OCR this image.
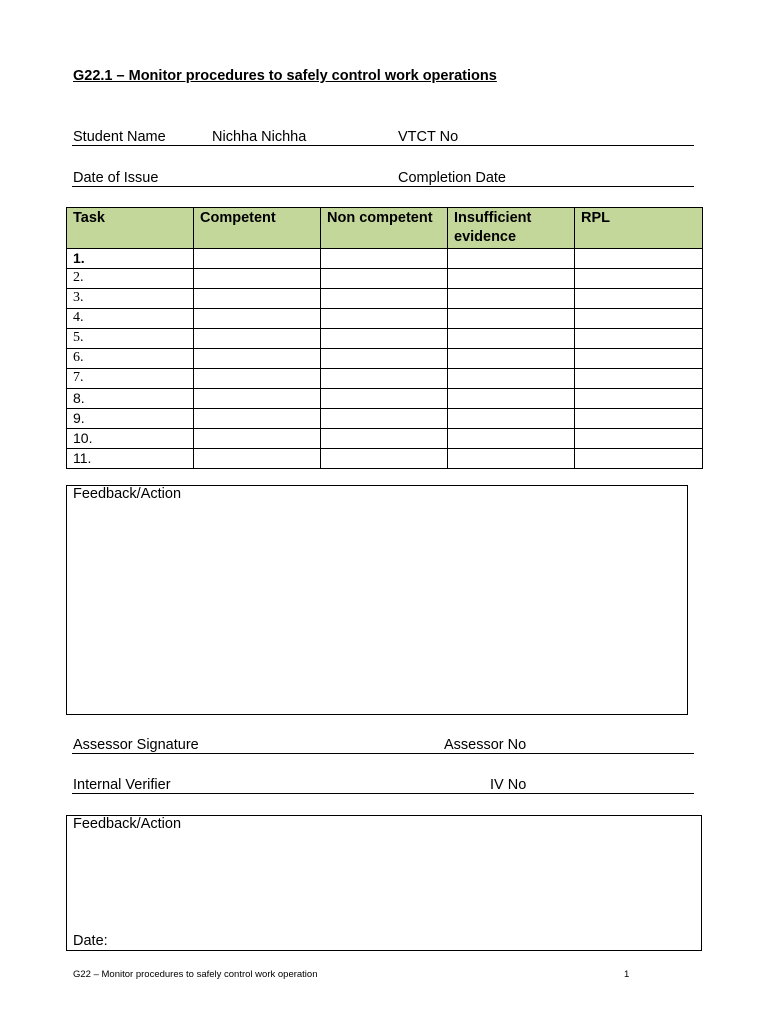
G22.1 – Monitor procedures to safely control work operations
Student Name	Nichha Nichha	VTCT No
Date of Issue	Completion Date
Task	Competent	Non competent	Insufficient evidence	RPL
1.				
2.				
3.				
4.				
5.				
6.				
7.				
8.				
9.				
10.				
11.				
Feedback/Action
Assessor Signature	Assessor No
Internal Verifier	IV No
Feedback/Action
Date:
G22 – Monitor procedures to safely control work operation	1
